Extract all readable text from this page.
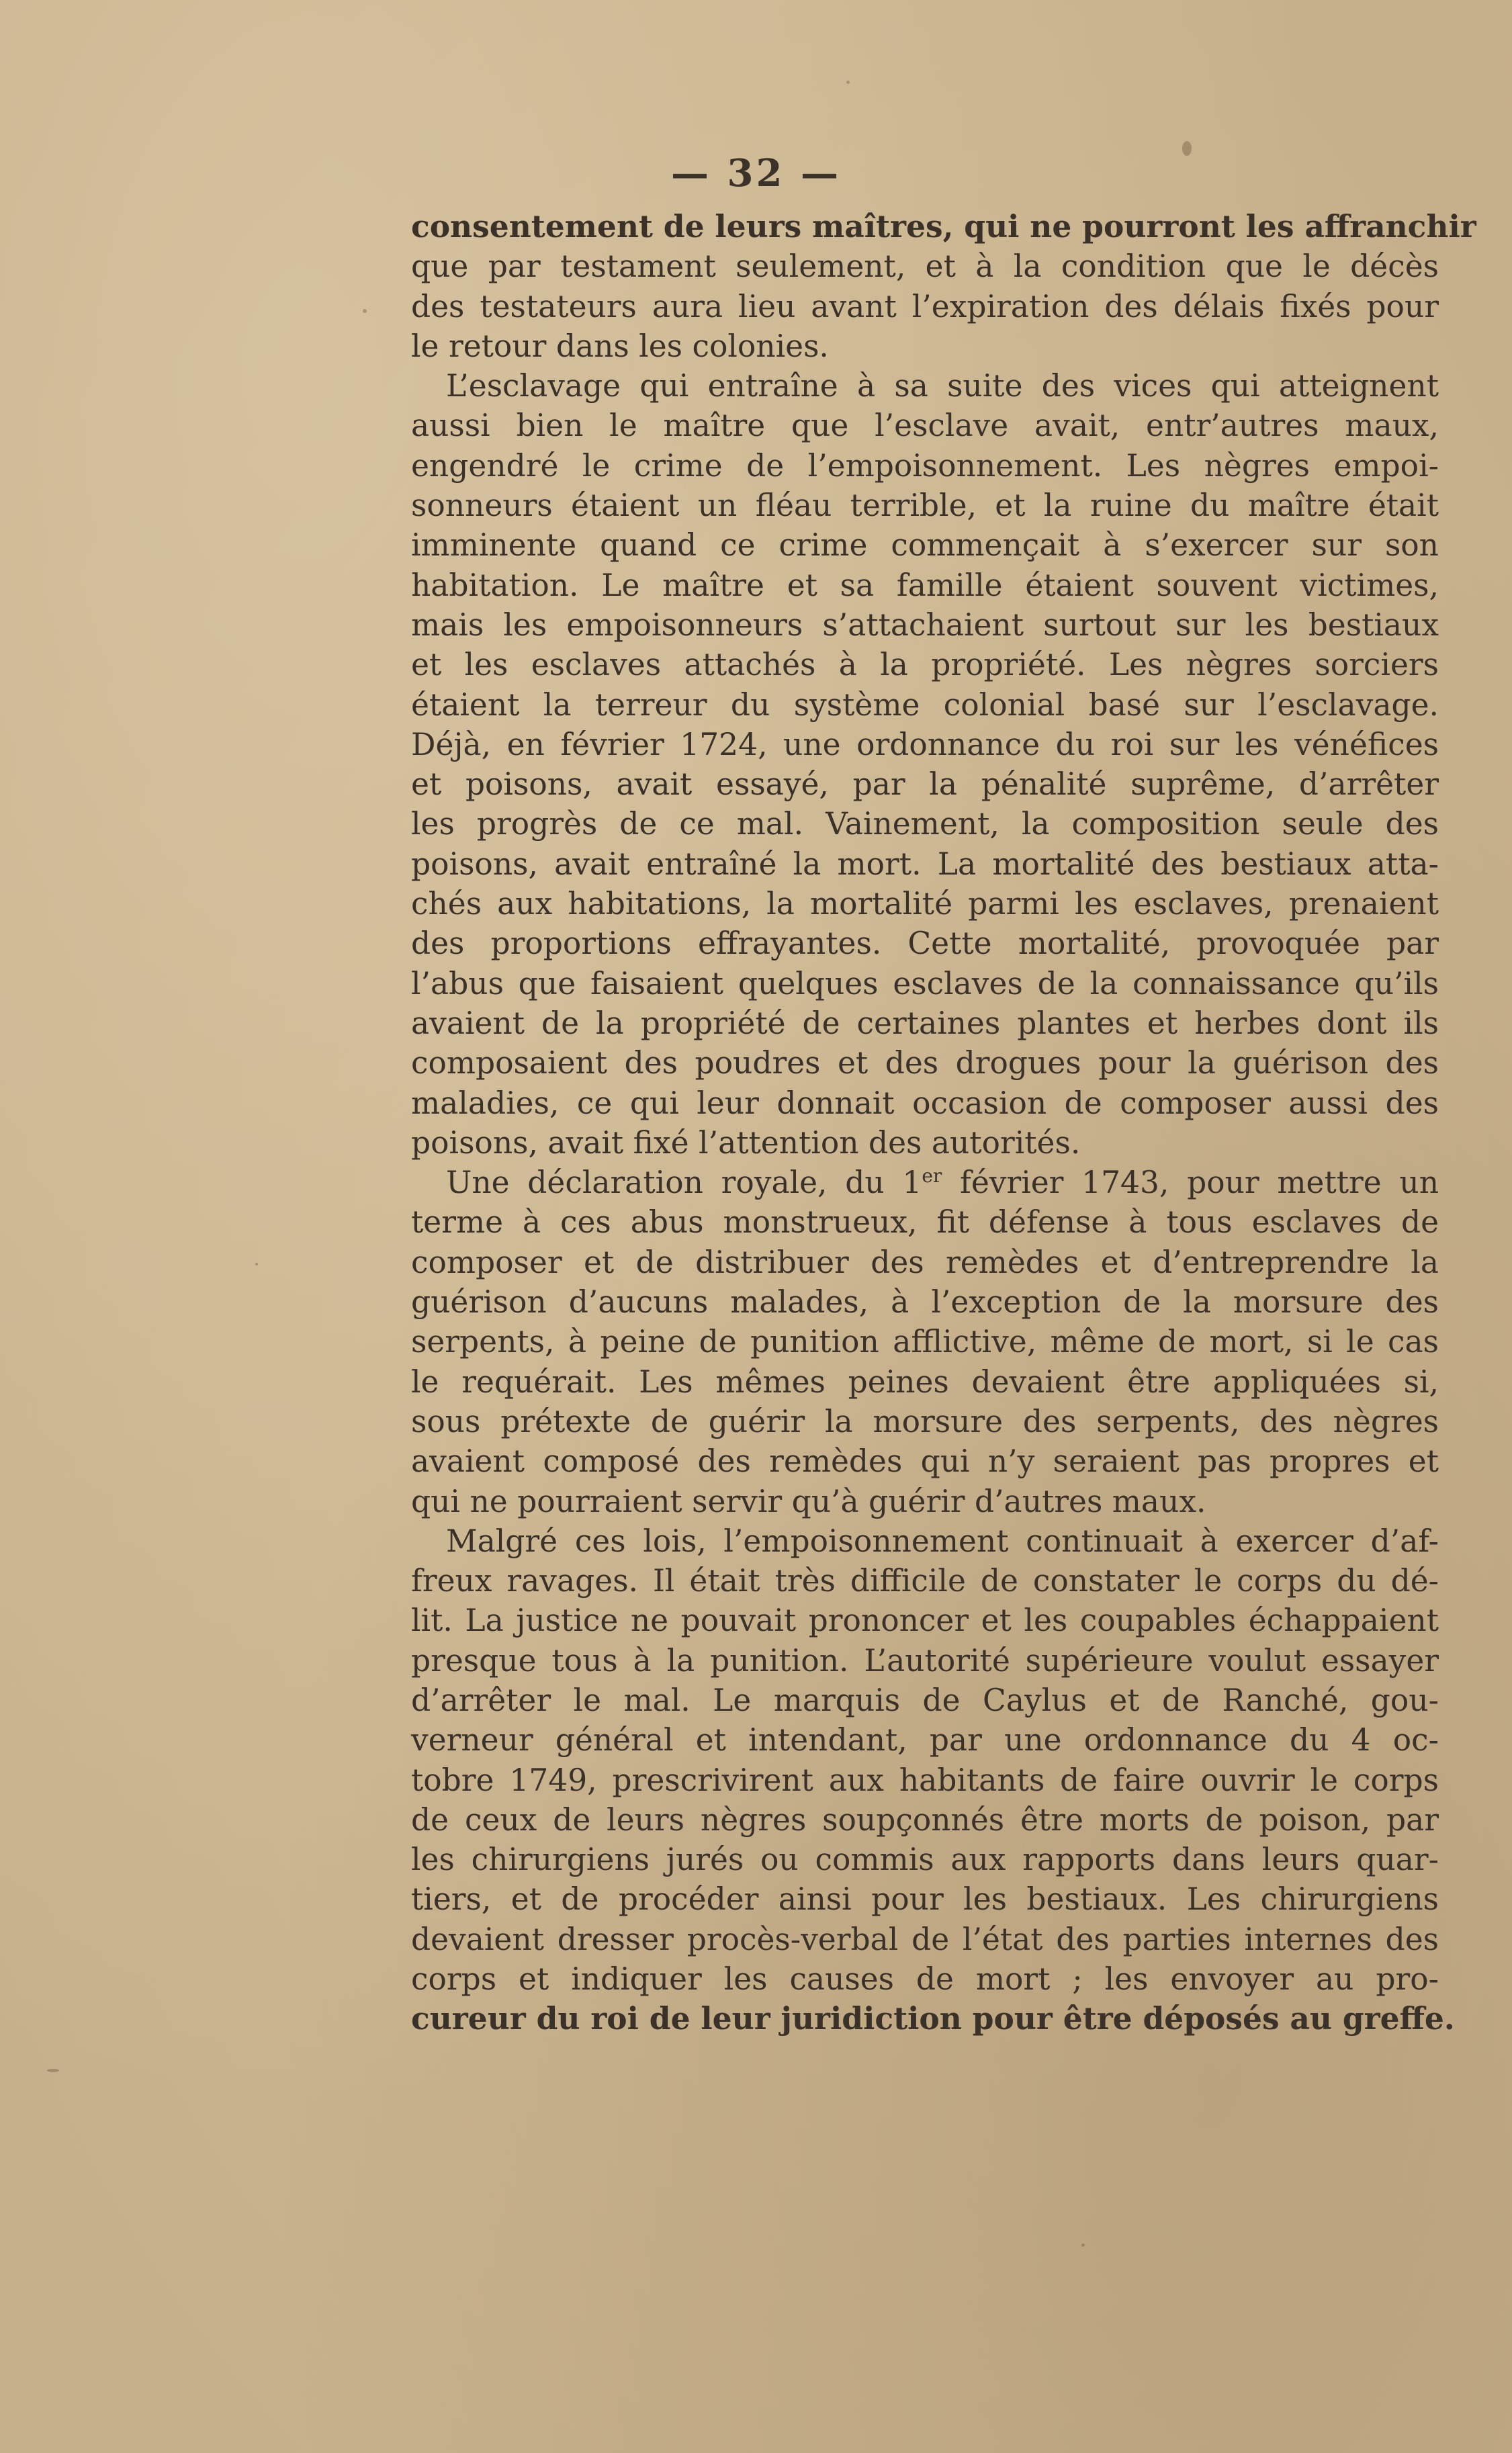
— 32 —
consentement de leurs maîtres, qui ne pourront les affranchir
que par testament seulement, et à la condition que le décès
des testateurs aura lieu avant l’expiration des délais fixés pour
le retour dans les colonies.
L’esclavage qui entraîne à sa suite des vices qui atteignent
aussi bien le maître que l’esclave avait, entr’autres maux,
engendré le crime de l’empoisonnement. Les nègres empoi-
sonneurs étaient un fléau terrible, et la ruine du maître était
imminente quand ce crime commençait à s’exercer sur son
habitation. Le maître et sa famille étaient souvent victimes,
mais les empoisonneurs s’attachaient surtout sur les bestiaux
et les esclaves attachés à la propriété. Les nègres sorciers
étaient la terreur du système colonial basé sur l’esclavage.
Déjà, en février 1724, une ordonnance du roi sur les vénéfices
et poisons, avait essayé, par la pénalité suprême, d’arrêter
les progrès de ce mal. Vainement, la composition seule des
poisons, avait entraîné la mort. La mortalité des bestiaux atta-
chés aux habitations, la mortalité parmi les esclaves, prenaient
des proportions effrayantes. Cette mortalité, provoquée par
l’abus que faisaient quelques esclaves de la connaissance qu’ils
avaient de la propriété de certaines plantes et herbes dont ils
composaient des poudres et des drogues pour la guérison des
maladies, ce qui leur donnait occasion de composer aussi des
poisons, avait fixé l’attention des autorités.
Une déclaration royale, du 1er février 1743, pour mettre un
terme à ces abus monstrueux, fit défense à tous esclaves de
composer et de distribuer des remèdes et d’entreprendre la
guérison d’aucuns malades, à l’exception de la morsure des
serpents, à peine de punition afflictive, même de mort, si le cas
le requérait. Les mêmes peines devaient être appliquées si,
sous prétexte de guérir la morsure des serpents, des nègres
avaient composé des remèdes qui n’y seraient pas propres et
qui ne pourraient servir qu’à guérir d’autres maux.
Malgré ces lois, l’empoisonnement continuait à exercer d’af-
freux ravages. Il était très difficile de constater le corps du dé-
lit. La justice ne pouvait prononcer et les coupables échappaient
presque tous à la punition. L’autorité supérieure voulut essayer
d’arrêter le mal. Le marquis de Caylus et de Ranché, gou-
verneur général et intendant, par une ordonnance du 4 oc-
tobre 1749, prescrivirent aux habitants de faire ouvrir le corps
de ceux de leurs nègres soupçonnés être morts de poison, par
les chirurgiens jurés ou commis aux rapports dans leurs quar-
tiers, et de procéder ainsi pour les bestiaux. Les chirurgiens
devaient dresser procès-verbal de l’état des parties internes des
corps et indiquer les causes de mort ; les envoyer au pro-
cureur du roi de leur juridiction pour être déposés au greffe.
